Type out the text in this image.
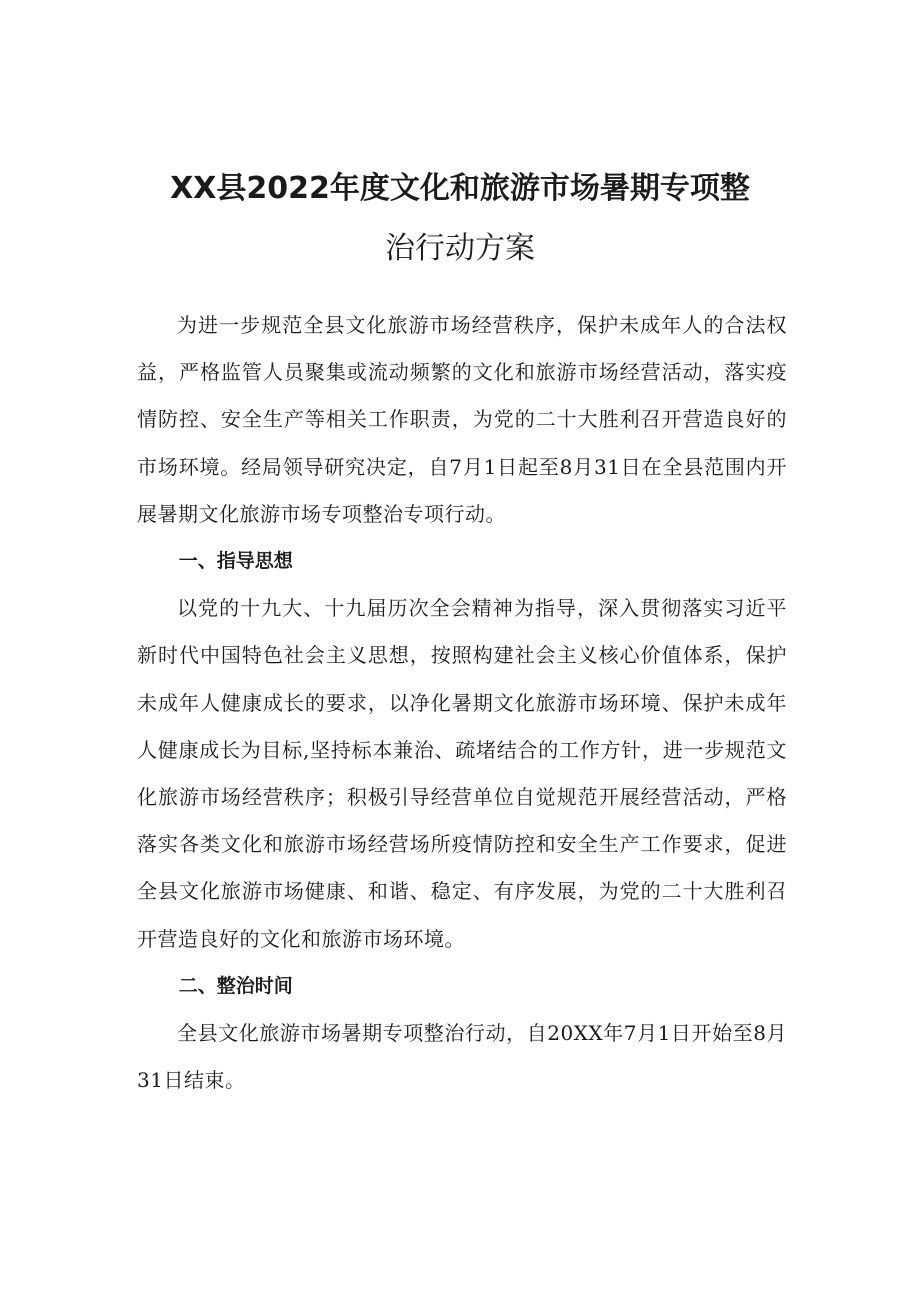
XX县2022年度文化和旅游市场暑期专项整
治行动方案

为进一步规范全县文化旅游市场经营秩序，保护未成年人的合法权益，严格监管人员聚集或流动频繁的文化和旅游市场经营活动，落实疫情防控、安全生产等相关工作职责，为党的二十大胜利召开营造良好的市场环境。经局领导研究决定，自7月1日起至8月31日在全县范围内开展暑期文化旅游市场专项整治专项行动。

一、指导思想

以党的十九大、十九届历次全会精神为指导，深入贯彻落实习近平新时代中国特色社会主义思想，按照构建社会主义核心价值体系，保护未成年人健康成长的要求，以净化暑期文化旅游市场环境、保护未成年人健康成长为目标,坚持标本兼治、疏堵结合的工作方针，进一步规范文化旅游市场经营秩序；积极引导经营单位自觉规范开展经营活动，严格落实各类文化和旅游市场经营场所疫情防控和安全生产工作要求，促进全县文化旅游市场健康、和谐、稳定、有序发展，为党的二十大胜利召开营造良好的文化和旅游市场环境。

二、整治时间

全县文化旅游市场暑期专项整治行动，自20XX年7月1日开始至8月31日结束。
